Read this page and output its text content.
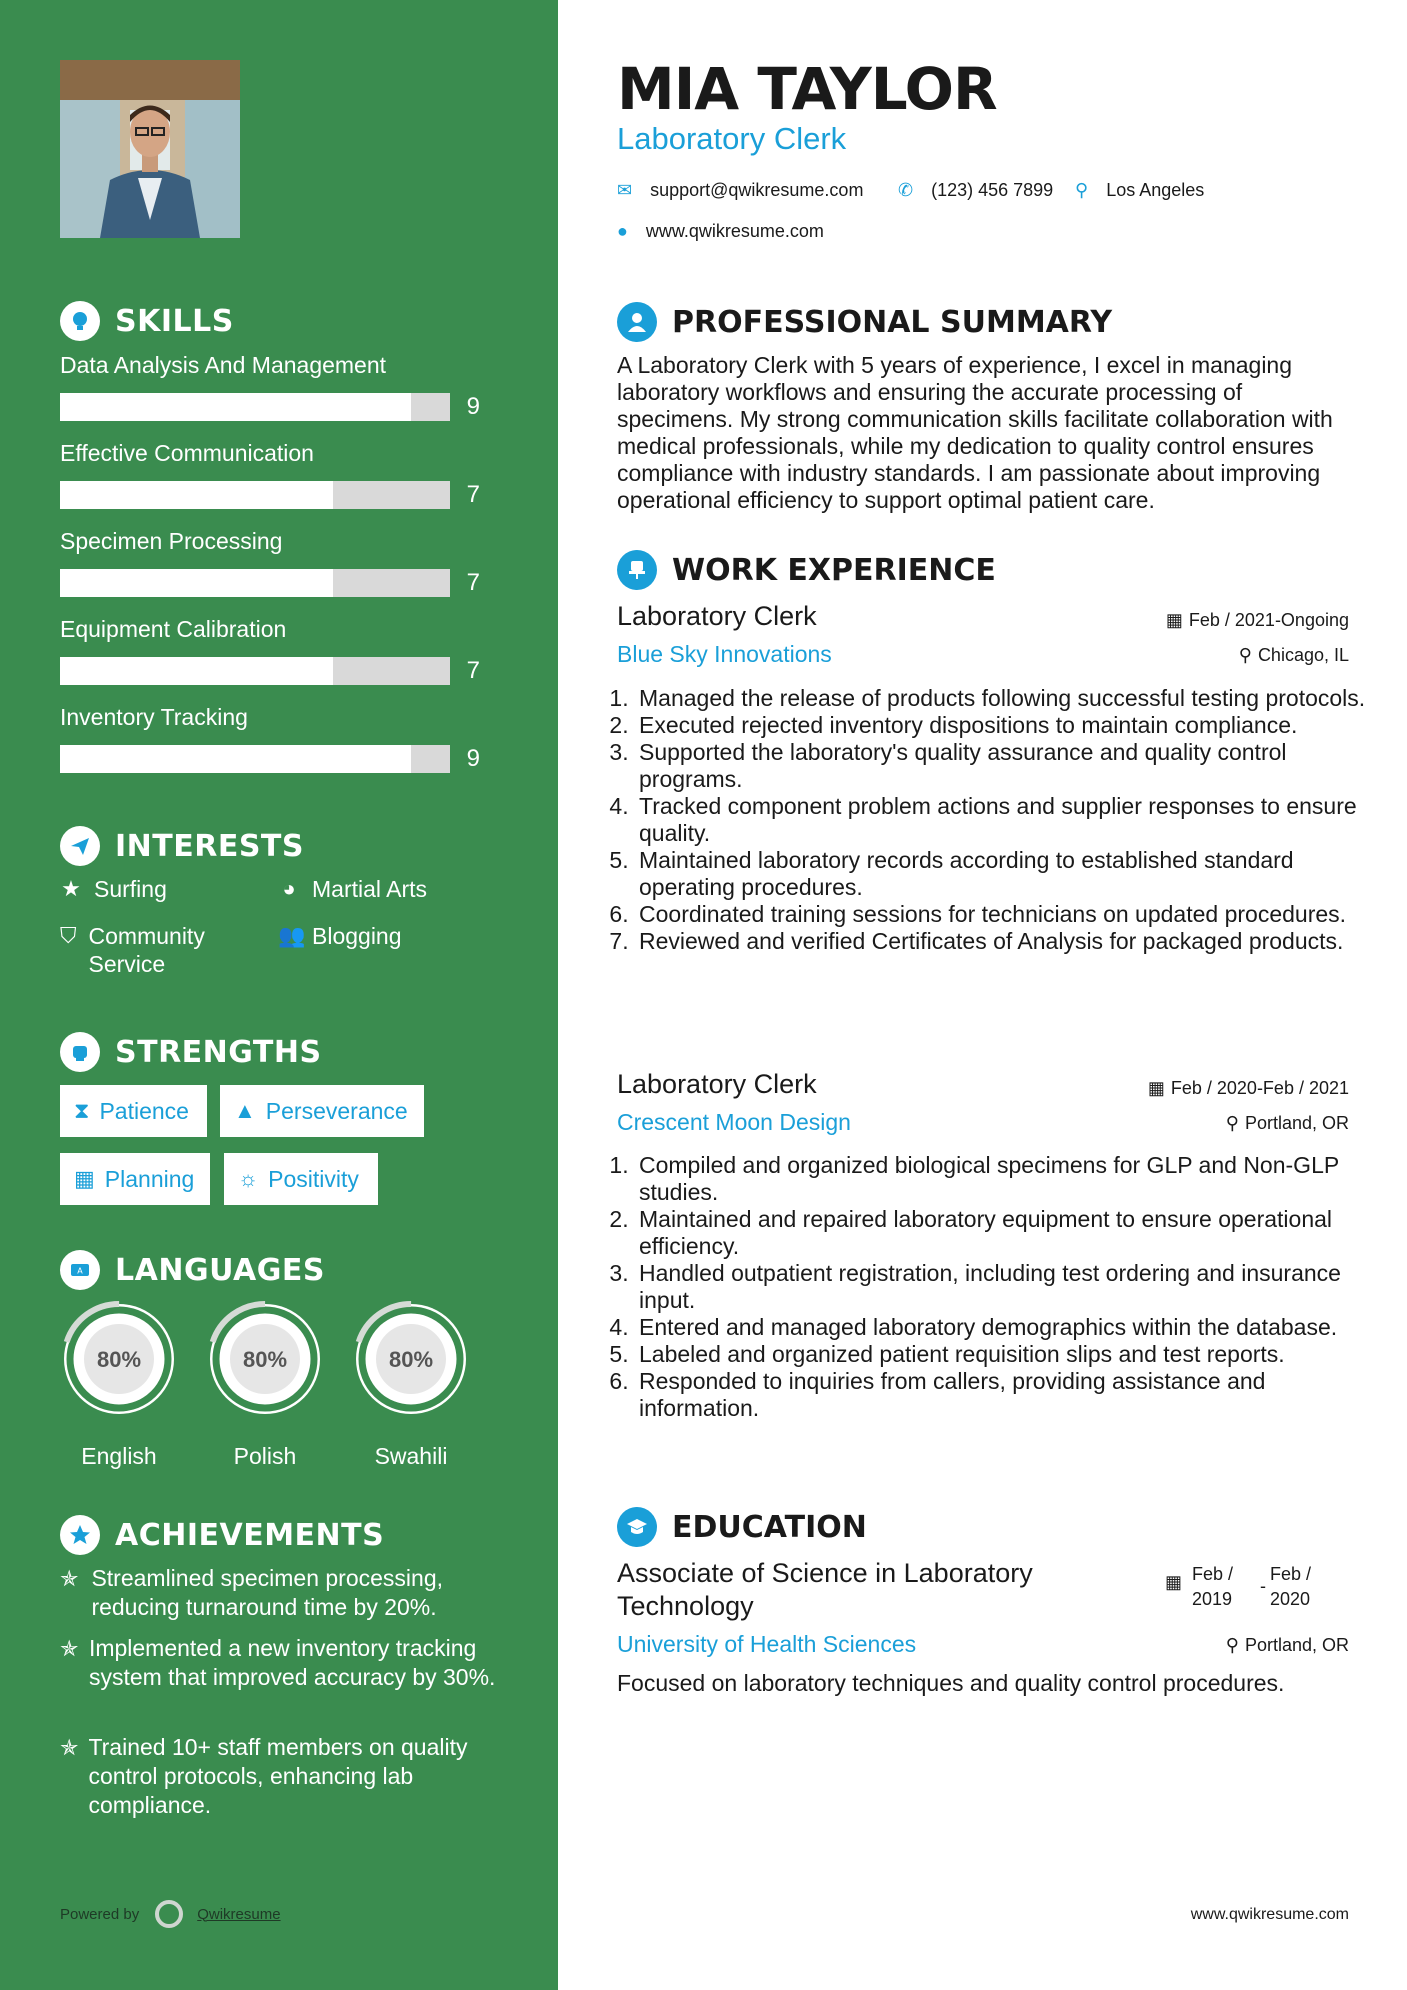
SKILLS
Data Analysis And Management
9
Effective Communication
7
Specimen Processing
7
Equipment Calibration
7
Inventory Tracking
9
INTERESTS
★ Surfing	◕ Martial Arts
⛉ Community Service
👥 Blogging
STRENGTHS
⧗ Patience ▲ Perseverance
▦ Planning ☼ Positivity
A LANGUAGES
80%
English
80%
Polish
80%
Swahili
ACHIEVEMENTS
✯ Streamlined specimen processing, reducing turnaround time by 20%.
✯ Implemented a new inventory tracking system that improved accuracy by 30%.
✯ Trained 10+ staff members on quality control protocols, enhancing lab compliance.
Powered by	Qwikresume
MIA TAYLOR
Laboratory Clerk
✉ support@qwikresume.com ✆ (123) 456 7899 ⚲ Los Angeles
● www.qwikresume.com
PROFESSIONAL SUMMARY
A Laboratory Clerk with 5 years of experience, I excel in managing laboratory workflows and ensuring the accurate processing of specimens. My strong communication skills facilitate collaboration with medical professionals, while my dedication to quality control ensures compliance with industry standards. I am passionate about improving operational efficiency to support optimal patient care.
WORK EXPERIENCE
Laboratory Clerk
Blue Sky Innovations
▦ Feb / 2021-Ongoing
⚲ Chicago, IL
1. Managed the release of products following successful testing protocols.
2. Executed rejected inventory dispositions to maintain compliance.
3. Supported the laboratory's quality assurance and quality control programs.
4. Tracked component problem actions and supplier responses to ensure quality.
5. Maintained laboratory records according to established standard operating procedures.
6. Coordinated training sessions for technicians on updated procedures.
7. Reviewed and verified Certificates of Analysis for packaged products.
Laboratory Clerk
Crescent Moon Design
▦ Feb / 2020-Feb / 2021
⚲ Portland, OR
1. Compiled and organized biological specimens for GLP and Non-GLP studies.
2. Maintained and repaired laboratory equipment to ensure operational efficiency.
3. Handled outpatient registration, including test ordering and insurance input.
4. Entered and managed laboratory demographics within the database.
5. Labeled and organized patient requisition slips and test reports.
6. Responded to inquiries from callers, providing assistance and information.
EDUCATION
Associate of Science in Laboratory Technology
University of Health Sciences
▦ Feb / 2019
-
Feb / 2020
⚲ Portland, OR
Focused on laboratory techniques and quality control procedures.
www.qwikresume.com
